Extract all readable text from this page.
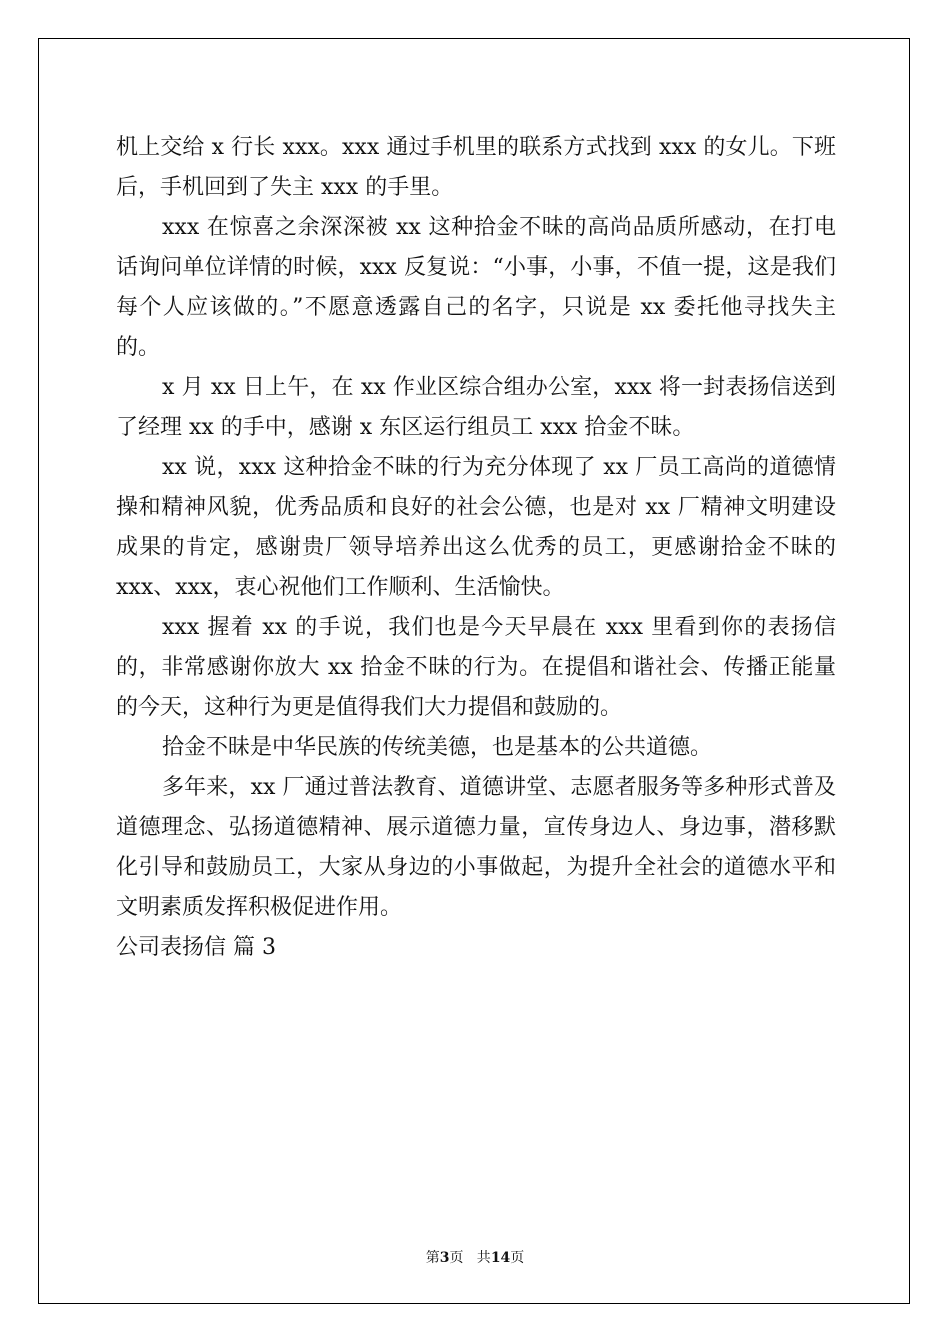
机上交给 x 行长 xxx。xxx 通过手机里的联系方式找到 xxx 的女儿。下班后，手机回到了失主 xxx 的手里。

xxx 在惊喜之余深深被 xx 这种拾金不昧的高尚品质所感动，在打电话询问单位详情的时候，xxx 反复说：“小事，小事，不值一提，这是我们每个人应该做的。”不愿意透露自己的名字，只说是 xx 委托他寻找失主的。

x 月 xx 日上午，在 xx 作业区综合组办公室，xxx 将一封表扬信送到了经理 xx 的手中，感谢 x 东区运行组员工 xxx 拾金不昧。

xx 说，xxx 这种拾金不昧的行为充分体现了 xx 厂员工高尚的道德情操和精神风貌，优秀品质和良好的社会公德，也是对 xx 厂精神文明建设成果的肯定，感谢贵厂领导培养出这么优秀的员工，更感谢拾金不昧的 xxx、xxx，衷心祝他们工作顺利、生活愉快。

xxx 握着 xx 的手说，我们也是今天早晨在 xxx 里看到你的表扬信的，非常感谢你放大 xx 拾金不昧的行为。在提倡和谐社会、传播正能量的今天，这种行为更是值得我们大力提倡和鼓励的。

拾金不昧是中华民族的传统美德，也是基本的公共道德。

多年来，xx 厂通过普法教育、道德讲堂、志愿者服务等多种形式普及道德理念、弘扬道德精神、展示道德力量，宣传身边人、身边事，潜移默化引导和鼓励员工，大家从身边的小事做起，为提升全社会的道德水平和文明素质发挥积极促进作用。

公司表扬信 篇 3

第3页   共14页
